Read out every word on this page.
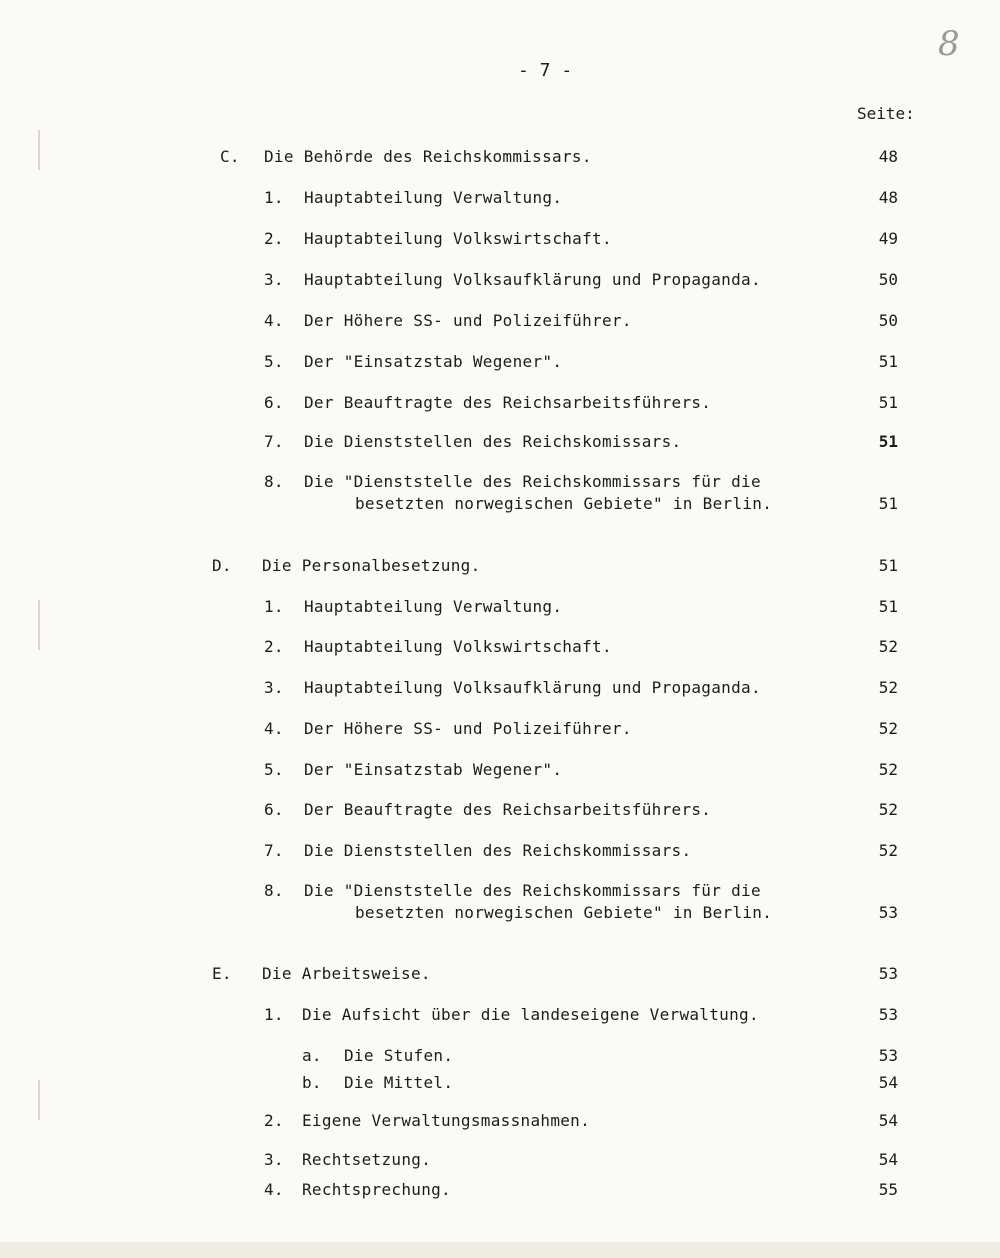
8
- 7 -
Seite:
C. Die Behörde des Reichskommissars.	48
1. Hauptabteilung Verwaltung.	48
2. Hauptabteilung Volkswirtschaft.	49
3. Hauptabteilung Volksaufklärung und Propaganda.	50
4. Der Höhere SS- und Polizeiführer.	50
5. Der "Einsatzstab Wegener".	51
6. Der Beauftragte des Reichsarbeitsführers.	51
7. Die Dienststellen des Reichskomissars.	51
8. Die "Dienststelle des Reichskommissars für die
besetzten norwegischen Gebiete" in Berlin.	51
D. Die Personalbesetzung.	51
1. Hauptabteilung Verwaltung.	51
2. Hauptabteilung Volkswirtschaft.	52
3. Hauptabteilung Volksaufklärung und Propaganda.	52
4. Der Höhere SS- und Polizeiführer.	52
5. Der "Einsatzstab Wegener".	52
6. Der Beauftragte des Reichsarbeitsführers.	52
7. Die Dienststellen des Reichskommissars.	52
8. Die "Dienststelle des Reichskommissars für die
besetzten norwegischen Gebiete" in Berlin.	53
E. Die Arbeitsweise.	53
1. Die Aufsicht über die landeseigene Verwaltung.	53
a. Die Stufen.	53
b. Die Mittel.	54
2. Eigene Verwaltungsmassnahmen.	54
3. Rechtsetzung.	54
4. Rechtsprechung.	55
